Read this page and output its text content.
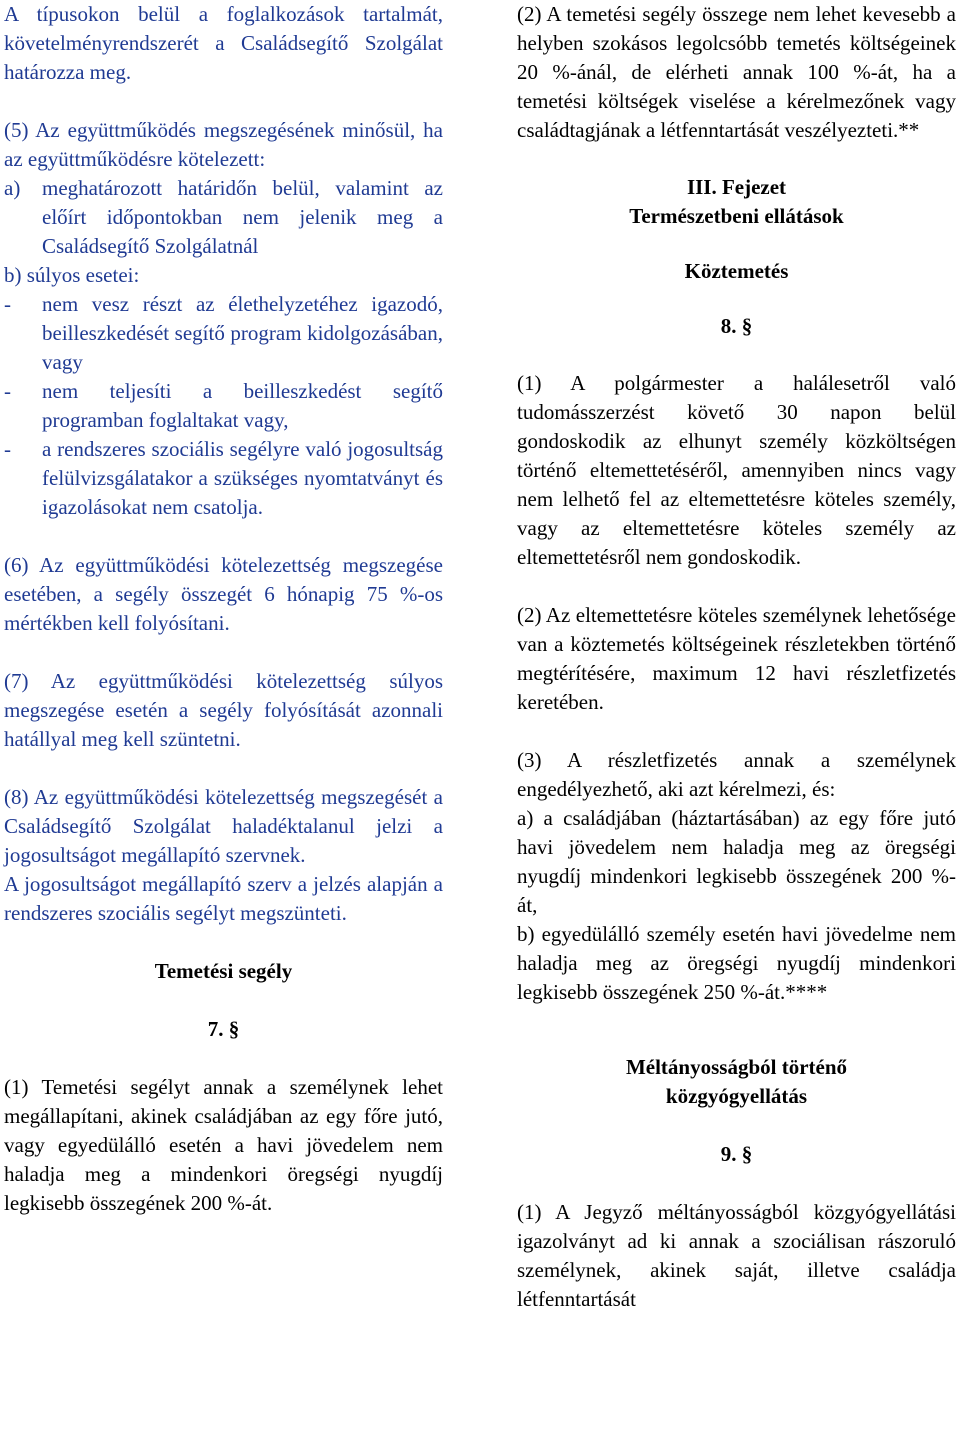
A típusokon belül a foglalkozások tartalmát, követelményrendszerét a Családsegítő Szolgálat határozza meg.

(5) Az együttműködés megszegésének minősül, ha az együttműködésre kötelezett:

a) meghatározott határidőn belül, valamint az előírt időpontokban nem jelenik meg a Családsegítő Szolgálatnál

b) súlyos esetei:

- nem vesz részt az élethelyzetéhez igazodó, beilleszkedését segítő program kidolgozásában, vagy
- nem teljesíti a beilleszkedést segítő programban foglaltakat vagy,
- a rendszeres szociális segélyre való jogosultság felülvizsgálatakor a szükséges nyomtatványt és igazolásokat nem csatolja.

(6) Az együttműködési kötelezettség megszegése esetében, a segély összegét 6 hónapig 75 %-os mértékben kell folyósítani.

(7) Az együttműködési kötelezettség súlyos megszegése esetén a segély folyósítását azonnali hatállyal meg kell szüntetni.

(8) Az együttműködési kötelezettség megszegését a Családsegítő Szolgálat haladéktalanul jelzi a jogosultságot megállapító szervnek.

A jogosultságot megállapító szerv a jelzés alapján a rendszeres szociális segélyt megszünteti.

Temetési segély

7. §

(1) Temetési segélyt annak a személynek lehet megállapítani, akinek családjában az egy főre jutó, vagy egyedülálló esetén a havi jövedelem nem haladja meg a mindenkori öregségi nyugdíj legkisebb összegének 200 %-át.

(2) A temetési segély összege nem lehet kevesebb a helyben szokásos legolcsóbb temetés költségeinek 20 %-ánál, de elérheti annak 100 %-át, ha a temetési költségek viselése a kérelmezőnek vagy családtagjának a létfenntartását veszélyezteti.**

III. Fejezet

Természetbeni ellátások

Köztemetés

8. §

(1) A polgármester a halálesetről való tudomásszerzést követő 30 napon belül gondoskodik az elhunyt személy közköltségen történő eltemettetéséről, amennyiben nincs vagy nem lelhető fel az eltemettetésre köteles személy, vagy az eltemettetésre köteles személy az eltemettetésről nem gondoskodik.

(2) Az eltemettetésre köteles személynek lehetősége van a köztemetés költségeinek részletekben történő megtérítésére, maximum 12 havi részletfizetés keretében.

(3) A részletfizetés annak a személynek engedélyezhető, aki azt kérelmezi, és:

a) a családjában (háztartásában) az egy főre jutó havi jövedelem nem haladja meg az öregségi nyugdíj mindenkori legkisebb összegének 200 %-át,

b) egyedülálló személy esetén havi jövedelme nem haladja meg az öregségi nyugdíj mindenkori legkisebb összegének 250 %-át.****

Méltányosságból történő

közgyógyellátás

9. §

(1) A Jegyző méltányosságból közgyógyellátási igazolványt ad ki annak a szociálisan rászoruló személynek, akinek saját, illetve családja létfenntartását
